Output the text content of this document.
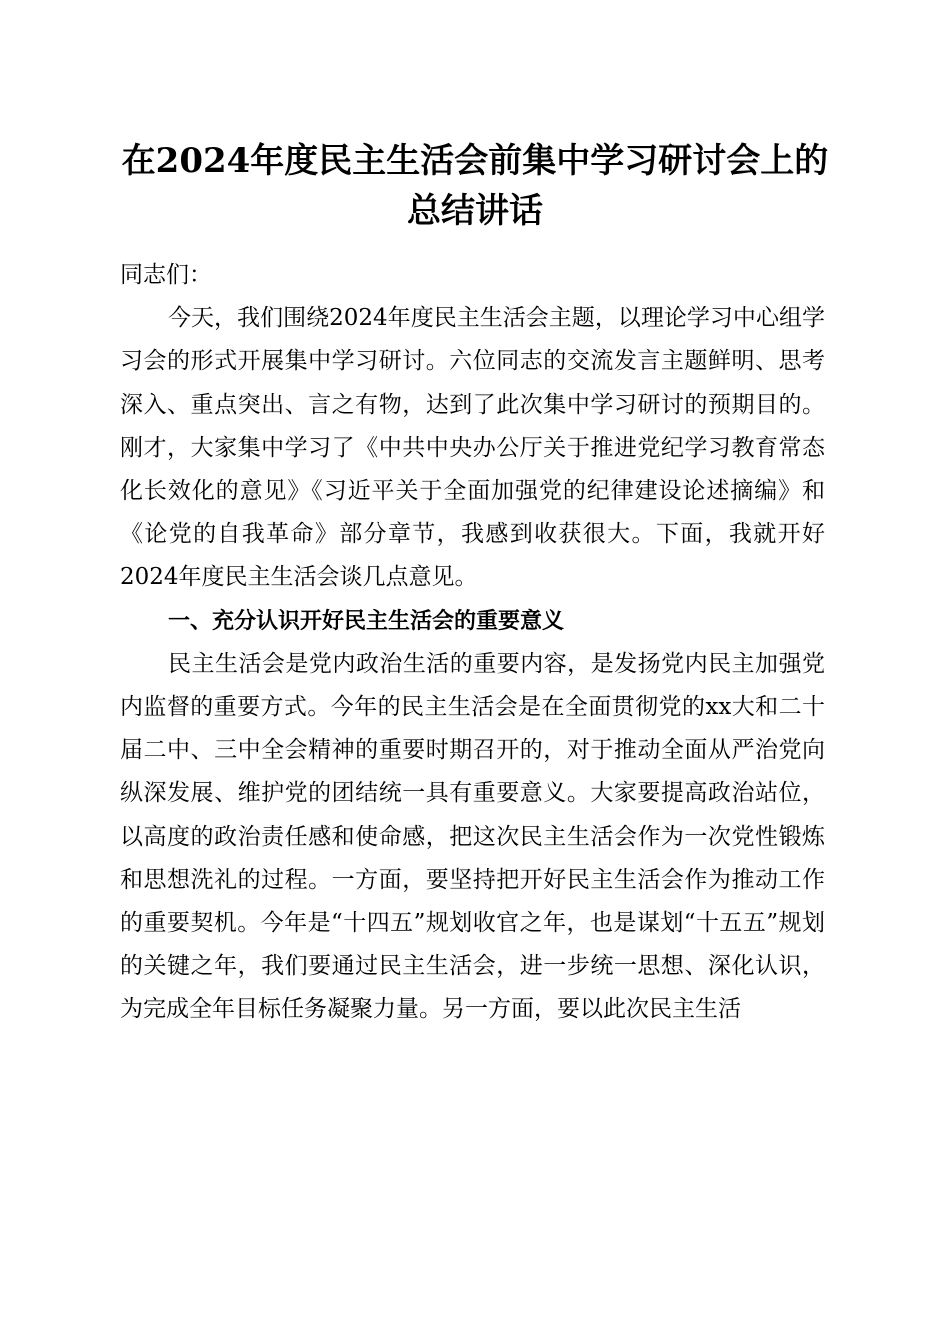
在2024年度民主生活会前集中学习研讨会上的总结讲话

同志们：

今天，我们围绕2024年度民主生活会主题，以理论学习中心组学习会的形式开展集中学习研讨。六位同志的交流发言主题鲜明、思考深入、重点突出、言之有物，达到了此次集中学习研讨的预期目的。刚才，大家集中学习了《中共中央办公厅关于推进党纪学习教育常态化长效化的意见》《习近平关于全面加强党的纪律建设论述摘编》和《论党的自我革命》部分章节，我感到收获很大。下面，我就开好2024年度民主生活会谈几点意见。

一、充分认识开好民主生活会的重要意义

民主生活会是党内政治生活的重要内容，是发扬党内民主加强党内监督的重要方式。今年的民主生活会是在全面贯彻党的xx大和二十届二中、三中全会精神的重要时期召开的，对于推动全面从严治党向纵深发展、维护党的团结统一具有重要意义。大家要提高政治站位，以高度的政治责任感和使命感，把这次民主生活会作为一次党性锻炼和思想洗礼的过程。一方面，要坚持把开好民主生活会作为推动工作的重要契机。今年是“十四五”规划收官之年，也是谋划“十五五”规划的关键之年，我们要通过民主生活会，进一步统一思想、深化认识，为完成全年目标任务凝聚力量。另一方面，要以此次民主生活
